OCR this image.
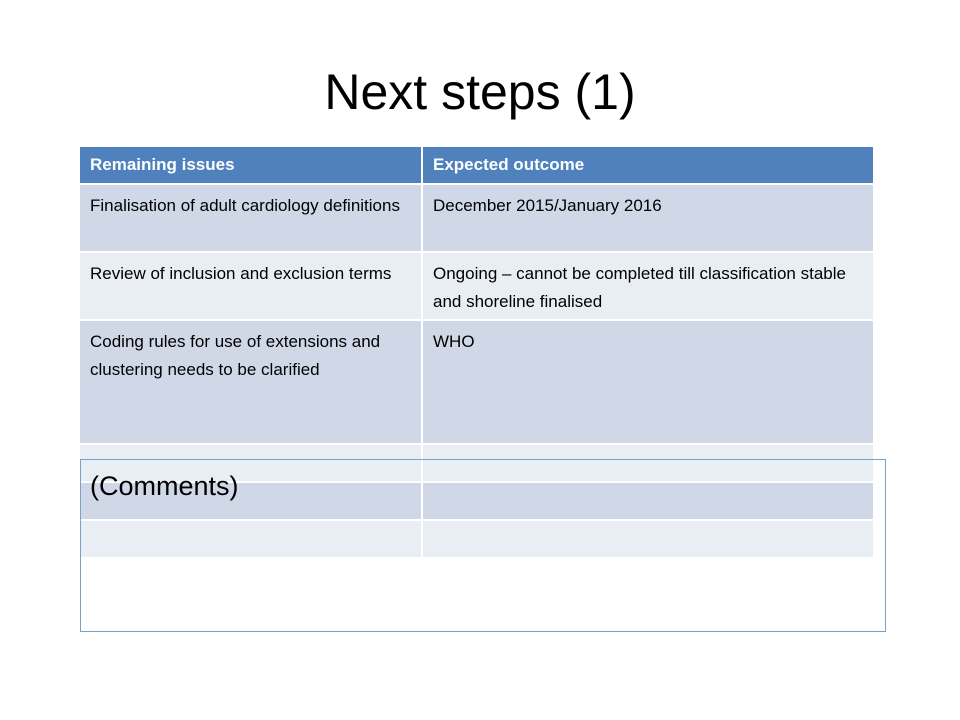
Next steps (1)
Remaining issues	Expected outcome
Finalisation of adult cardiology definitions	December 2015/January 2016
Review of inclusion and exclusion terms	Ongoing – cannot be completed till classification stable and shoreline finalised
Coding rules for use of extensions and clustering needs to be clarified	WHO

(Comments)
